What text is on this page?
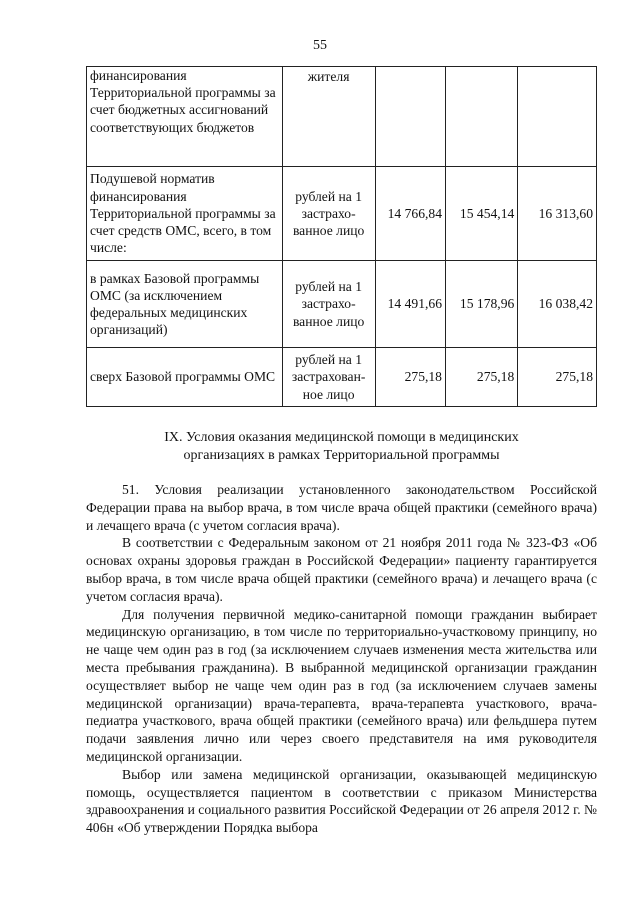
55
финансирования Территориальной программы за счет бюджетных ассигнований соответствующих бюджетов	жителя			
Подушевой норматив финансирования Территориальной программы за счет средств ОМС, всего, в том числе:	рублей на 1 застрахо-ванное лицо	14 766,84	15 454,14	16 313,60
в рамках Базовой программы ОМС (за исключением федеральных медицинских организаций)	рублей на 1 застрахо-ванное лицо	14 491,66	15 178,96	16 038,42
сверх Базовой программы ОМС	рублей на 1 застрахован-ное лицо	275,18	275,18	275,18
IX. Условия оказания медицинской помощи в медицинских
организациях в рамках Территориальной программы

51. Условия реализации установленного законодательством Российской Федерации права на выбор врача, в том числе врача общей практики (семейного врача) и лечащего врача (с учетом согласия врача).

В соответствии с Федеральным законом от 21 ноября 2011 года № 323-ФЗ «Об основах охраны здоровья граждан в Российской Федерации» пациенту гарантируется выбор врача, в том числе врача общей практики (семейного врача) и лечащего врача (с учетом согласия врача).

Для получения первичной медико-санитарной помощи гражданин выбирает медицинскую организацию, в том числе по территориально-участковому принципу, но не чаще чем один раз в год (за исключением случаев изменения места жительства или места пребывания гражданина). В выбранной медицинской организации гражданин осуществляет выбор не чаще чем один раз в год (за исключением случаев замены медицинской организации) врача-терапевта, врача-терапевта участкового, врача-педиатра участкового, врача общей практики (семейного врача) или фельдшера путем подачи заявления лично или через своего представителя на имя руководителя медицинской организации.

Выбор или замена медицинской организации, оказывающей медицинскую помощь, осуществляется пациентом в соответствии с приказом Министерства здравоохранения и социального развития Российской Федерации от 26 апреля 2012 г. № 406н «Об утверждении Порядка выбора
